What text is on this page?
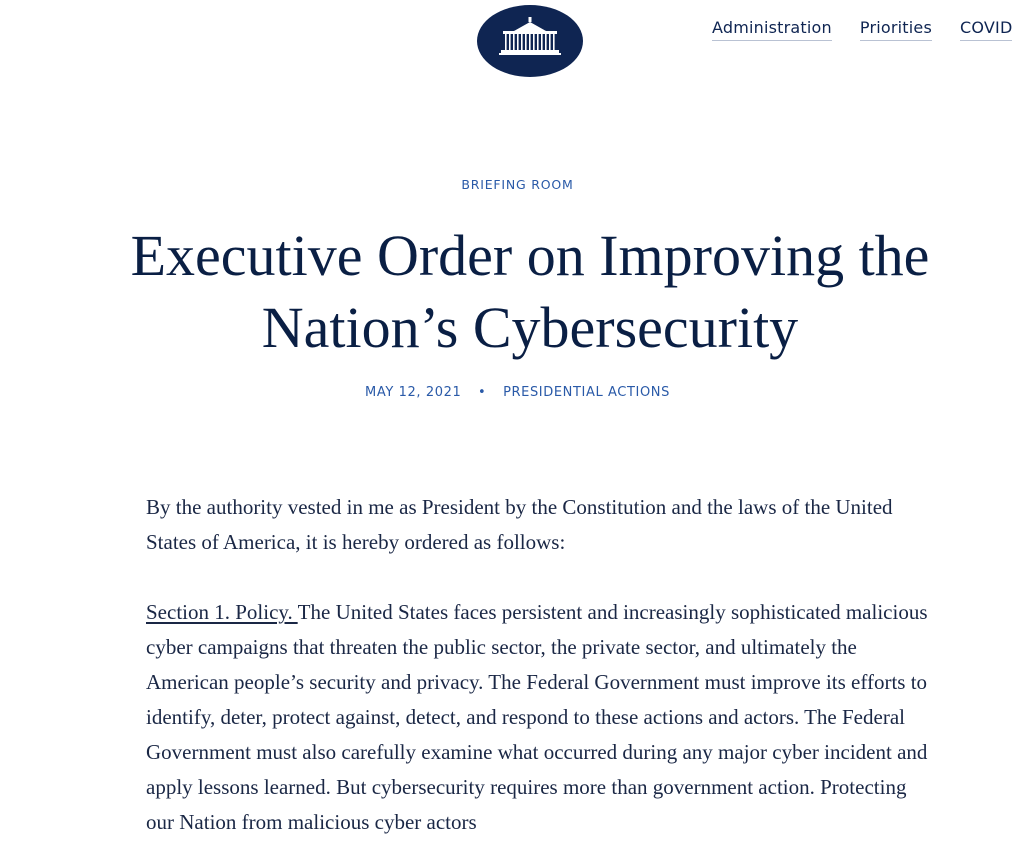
Administration Priorities COVID
BRIEFING ROOM
Executive Order on Improving the
Nation’s Cybersecurity
MAY 12, 2021 • PRESIDENTIAL ACTIONS

By the authority vested in me as President by the Constitution and the laws of the United States of America, it is hereby ordered as follows:

Section 1. Policy. The United States faces persistent and increasingly sophisticated malicious cyber campaigns that threaten the public sector, the private sector, and ultimately the American people’s security and privacy. The Federal Government must improve its efforts to identify, deter, protect against, detect, and respond to these actions and actors. The Federal Government must also carefully examine what occurred during any major cyber incident and apply lessons learned. But cybersecurity requires more than government action. Protecting our Nation from malicious cyber actors
